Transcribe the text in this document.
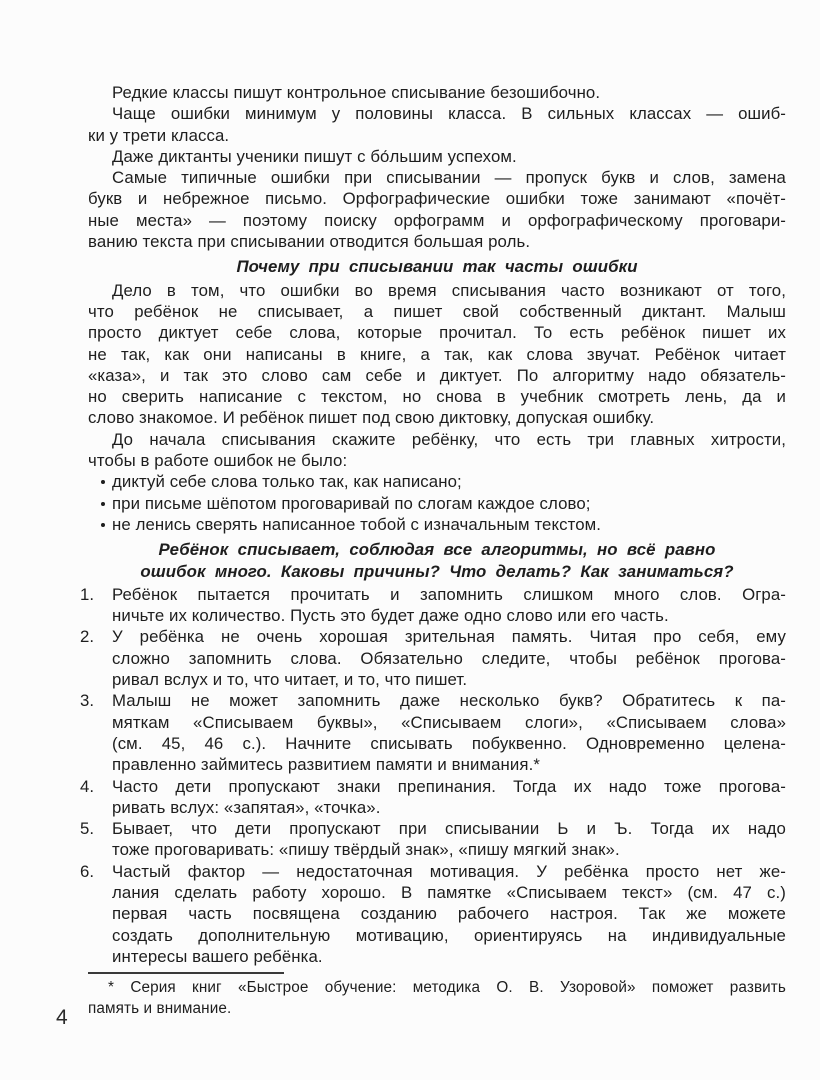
Редкие классы пишут контрольное списывание безошибочно.
Чаще ошибки минимум у половины класса. В сильных классах — ошиб-
ки у трети класса.
Даже диктанты ученики пишут с бо́льшим успехом.
Самые типичные ошибки при списывании — пропуск букв и слов, замена
букв и небрежное письмо. Орфографические ошибки тоже занимают «почёт-
ные места» — поэтому поиску орфограмм и орфографическому проговари-
ванию текста при списывании отводится большая роль.
Почему при списывании так часты ошибки
Дело в том, что ошибки во время списывания часто возникают от того,
что ребёнок не списывает, а пишет свой собственный диктант. Малыш
просто диктует себе слова, которые прочитал. То есть ребёнок пишет их
не так, как они написаны в книге, а так, как слова звучат. Ребёнок читает
«каза», и так это слово сам себе и диктует. По алгоритму надо обязатель-
но сверить написание с текстом, но снова в учебник смотреть лень, да и
слово знакомое. И ребёнок пишет под свою диктовку, допуская ошибку.
До начала списывания скажите ребёнку, что есть три главных хитрости,
чтобы в работе ошибок не было:
диктуй себе слова только так, как написано;
при письме шёпотом проговаривай по слогам каждое слово;
не ленись сверять написанное тобой с изначальным текстом.
Ребёнок списывает, соблюдая все алгоритмы, но всё равно
ошибок много. Каковы причины? Что делать? Как заниматься?
1.	Ребёнок пытается прочитать и запомнить слишком много слов. Огра-
ничьте их количество. Пусть это будет даже одно слово или его часть.
2.	У ребёнка не очень хорошая зрительная память. Читая про себя, ему
сложно запомнить слова. Обязательно следите, чтобы ребёнок прогова-
ривал вслух и то, что читает, и то, что пишет.
3.	Малыш не может запомнить даже несколько букв? Обратитесь к па-
мяткам «Списываем буквы», «Списываем слоги», «Списываем слова»
(см. 45, 46 с.). Начните списывать побуквенно. Одновременно целена-
правленно займитесь развитием памяти и внимания.*
4.	Часто дети пропускают знаки препинания. Тогда их надо тоже прогова-
ривать вслух: «запятая», «точка».
5.	Бывает, что дети пропускают при списывании Ь и Ъ. Тогда их надо
тоже проговаривать: «пишу твёрдый знак», «пишу мягкий знак».
6.	Частый фактор — недостаточная мотивация. У ребёнка просто нет же-
лания сделать работу хорошо. В памятке «Списываем текст» (см. 47 с.)
первая часть посвящена созданию рабочего настроя. Так же можете
создать дополнительную мотивацию, ориентируясь на индивидуальные
интересы вашего ребёнка.
* Серия книг «Быстрое обучение: методика О. В. Узоровой» поможет развить
память и внимание.
4
